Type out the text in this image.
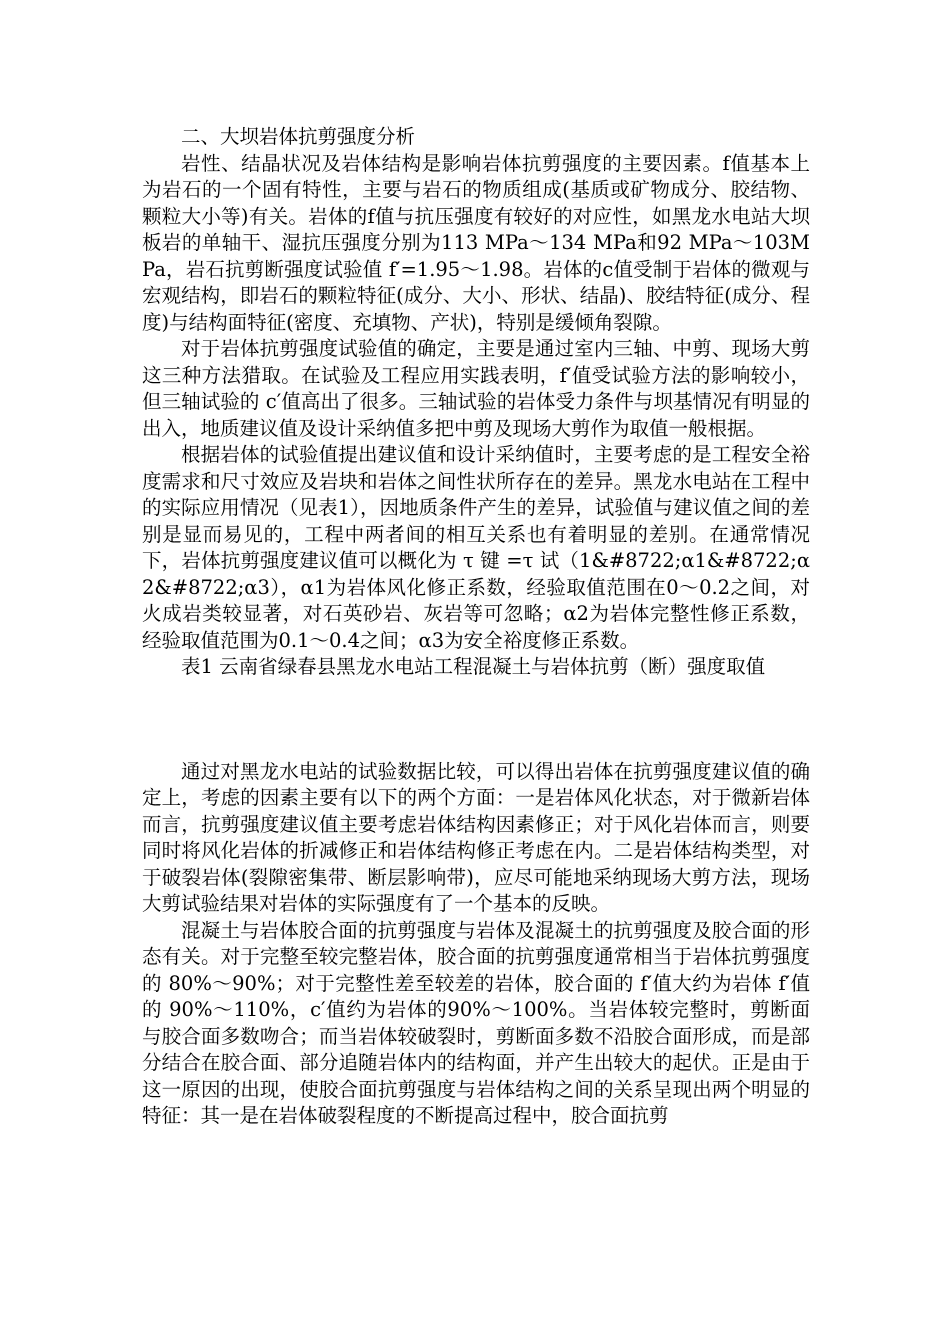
二、大坝岩体抗剪强度分析

岩性、结晶状况及岩体结构是影响岩体抗剪强度的主要因素。f值基本上为岩石的一个固有特性，主要与岩石的物质组成(基质或矿物成分、胶结物、颗粒大小等)有关。岩体的f值与抗压强度有较好的对应性，如黑龙水电站大坝板岩的单轴干、湿抗压强度分别为113 MPa～134 MPa和92 MPa～103MPa，岩石抗剪断强度试验值 f′=1.95～1.98。岩体的c值受制于岩体的微观与宏观结构，即岩石的颗粒特征(成分、大小、形状、结晶)、胶结特征(成分、程度)与结构面特征(密度、充填物、产状)，特别是缓倾角裂隙。

对于岩体抗剪强度试验值的确定，主要是通过室内三轴、中剪、现场大剪这三种方法猎取。在试验及工程应用实践表明，f′值受试验方法的影响较小，但三轴试验的 c′值高出了很多。三轴试验的岩体受力条件与坝基情况有明显的出入，地质建议值及设计采纳值多把中剪及现场大剪作为取值一般根据。

根据岩体的试验值提出建议值和设计采纳值时，主要考虑的是工程安全裕度需求和尺寸效应及岩块和岩体之间性状所存在的差异。黑龙水电站在工程中的实际应用情况（见表1），因地质条件产生的差异，试验值与建议值之间的差别是显而易见的，工程中两者间的相互关系也有着明显的差别。在通常情况下，岩体抗剪强度建议值可以概化为 τ 键 =τ 试（1&#8722;α1&#8722;α2&#8722;α3），α1为岩体风化修正系数，经验取值范围在0～0.2之间，对火成岩类较显著，对石英砂岩、灰岩等可忽略；α2为岩体完整性修正系数，经验取值范围为0.1～0.4之间；α3为安全裕度修正系数。

表1 云南省绿春县黑龙水电站工程混凝土与岩体抗剪（断）强度取值

通过对黑龙水电站的试验数据比较，可以得出岩体在抗剪强度建议值的确定上，考虑的因素主要有以下的两个方面：一是岩体风化状态，对于微新岩体而言，抗剪强度建议值主要考虑岩体结构因素修正；对于风化岩体而言，则要同时将风化岩体的折减修正和岩体结构修正考虑在内。二是岩体结构类型，对于破裂岩体(裂隙密集带、断层影响带)，应尽可能地采纳现场大剪方法，现场大剪试验结果对岩体的实际强度有了一个基本的反映。

混凝土与岩体胶合面的抗剪强度与岩体及混凝土的抗剪强度及胶合面的形态有关。对于完整至较完整岩体，胶合面的抗剪强度通常相当于岩体抗剪强度的 80%～90%；对于完整性差至较差的岩体，胶合面的 f′值大约为岩体 f′值的 90%～110%，c′值约为岩体的90%～100%。当岩体较完整时，剪断面与胶合面多数吻合；而当岩体较破裂时，剪断面多数不沿胶合面形成，而是部分结合在胶合面、部分追随岩体内的结构面，并产生出较大的起伏。正是由于这一原因的出现，使胶合面抗剪强度与岩体结构之间的关系呈现出两个明显的特征：其一是在岩体破裂程度的不断提高过程中，胶合面抗剪
